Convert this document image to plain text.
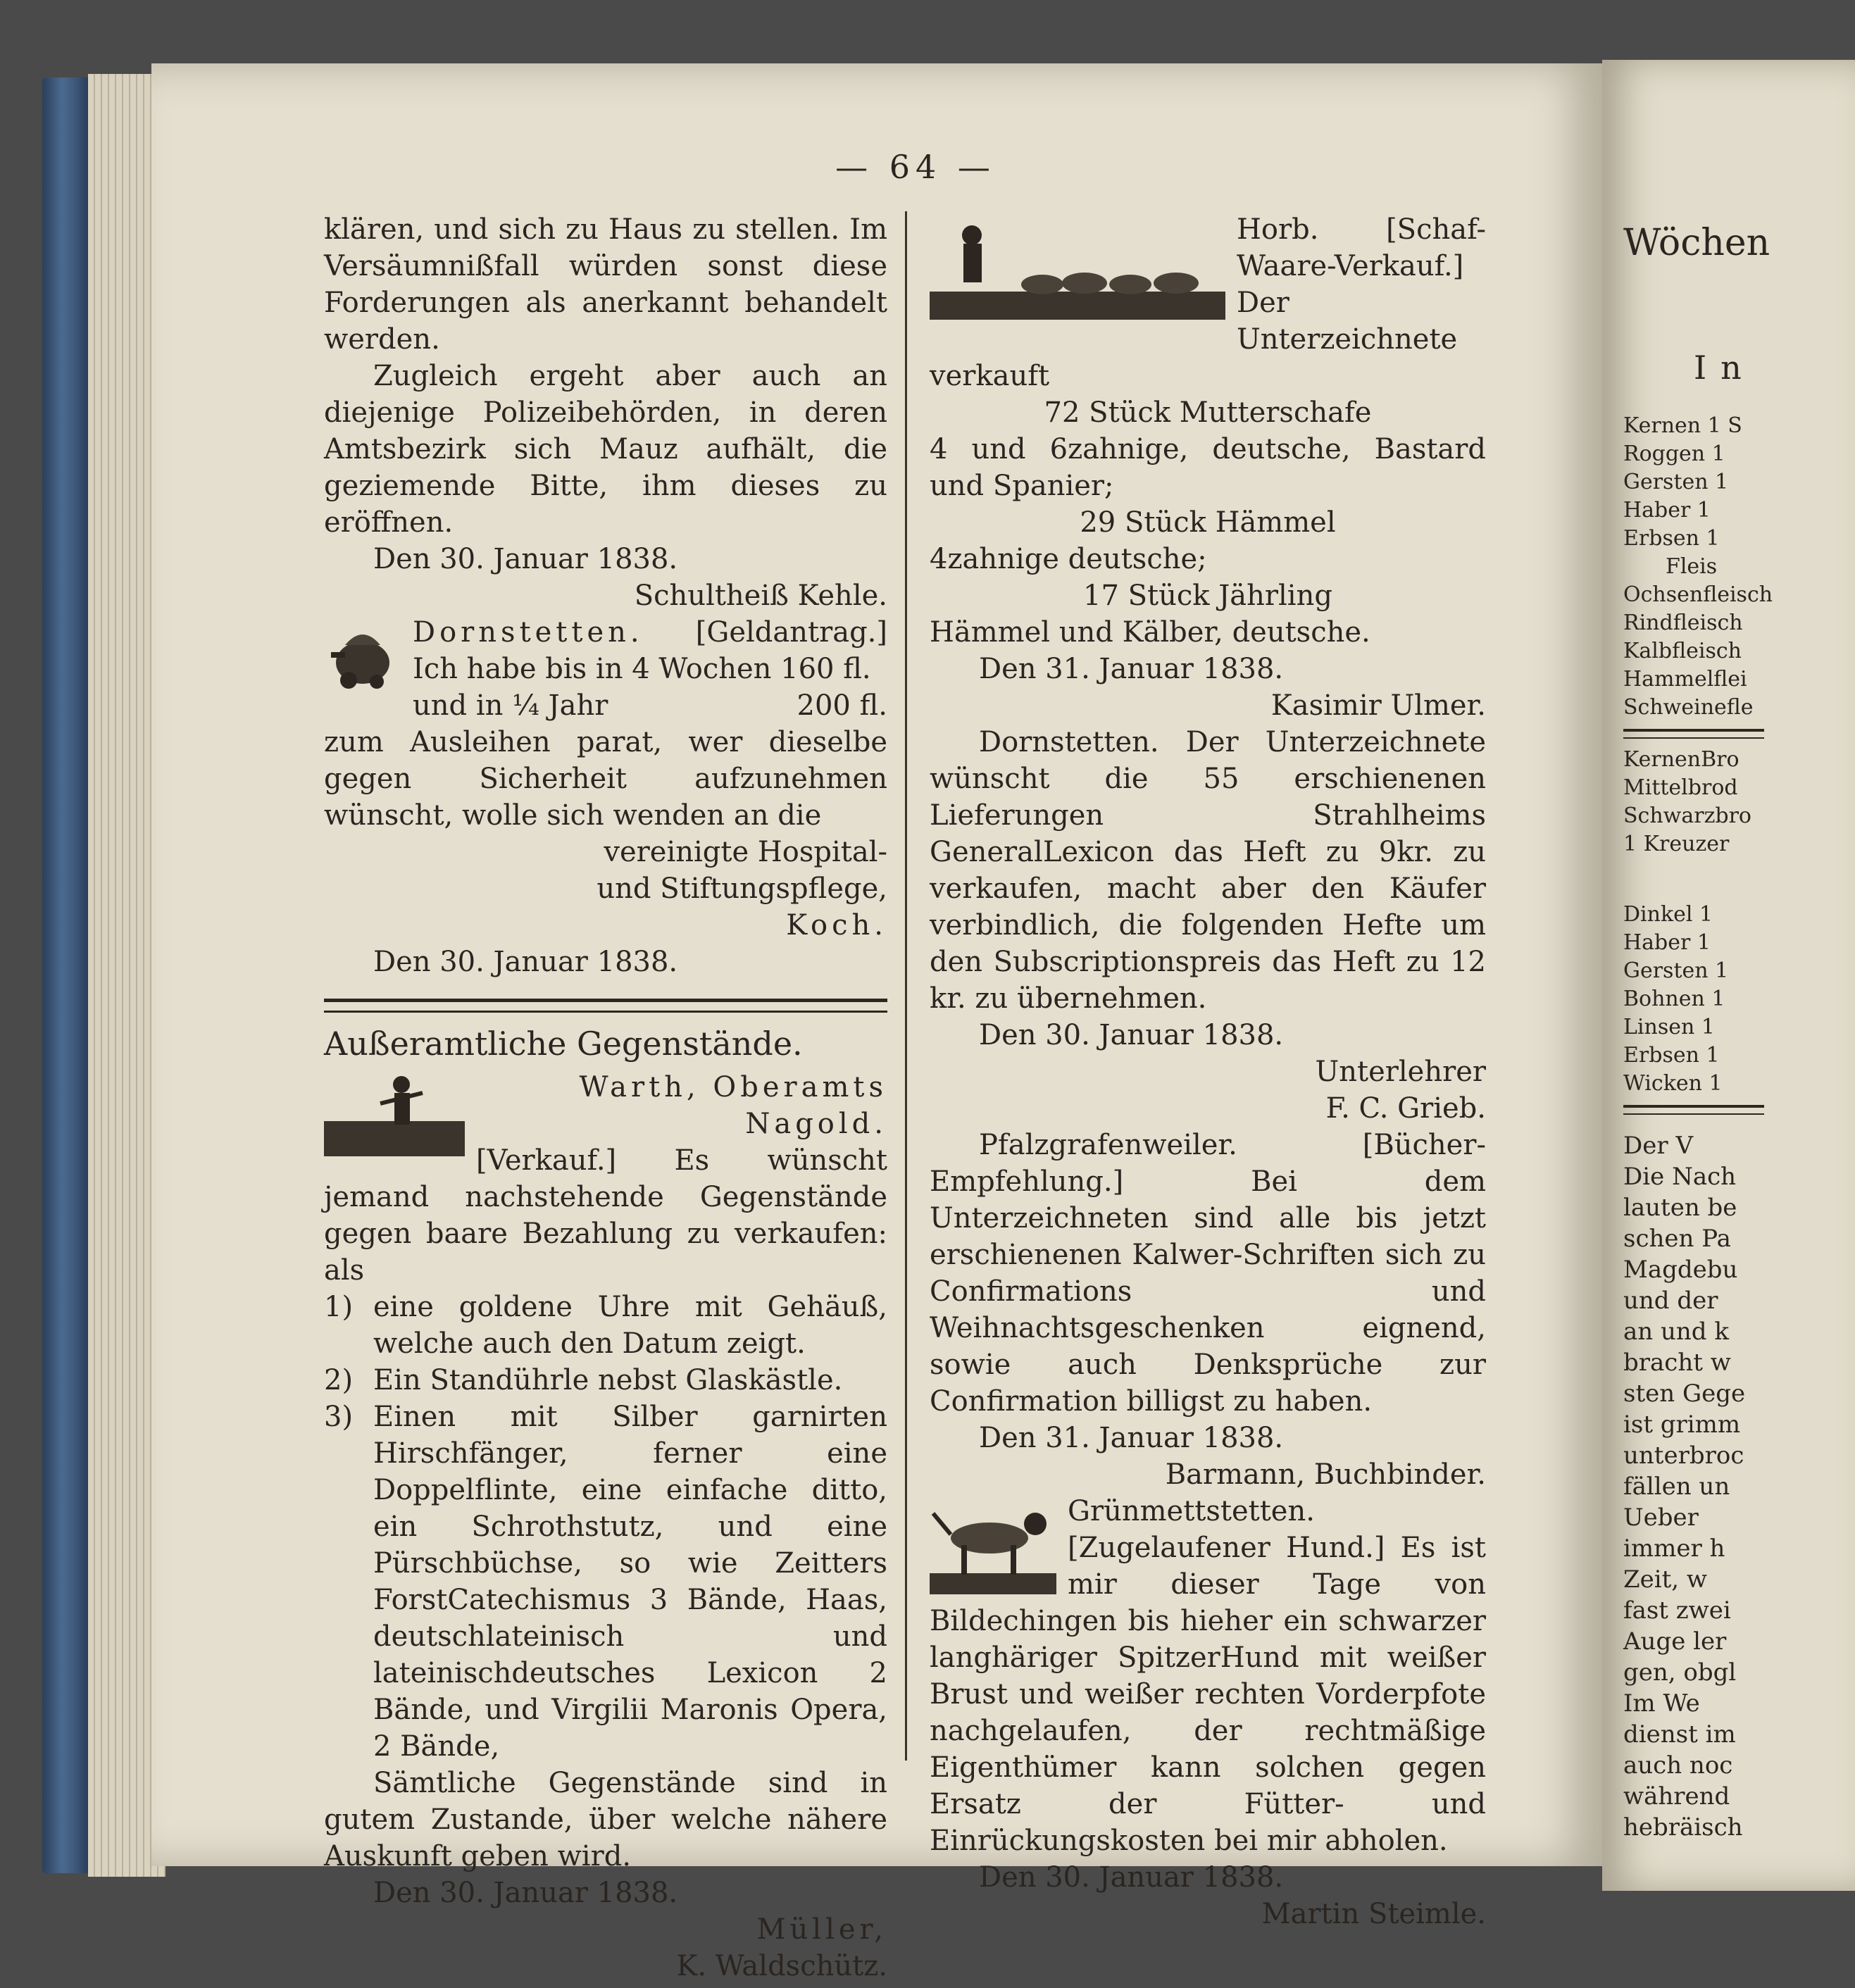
— 64 —

klären, und sich zu Haus zu stellen. Im Versäumnißfall würden sonst diese Forderungen als anerkannt behandelt werden.

Zugleich ergeht aber auch an diejenige Polizeibehörden, in deren Amtsbezirk sich Mauz aufhält, die geziemende Bitte, ihm dieses zu eröffnen.

Den 30. Januar 1838.

Schultheiß Kehle.

Dornstetten. [Geldantrag.]

Ich habe bis in 4 Wochen 160 fl.

und in ¼ Jahr	200 fl.

zum Ausleihen parat, wer dieselbe gegen Sicherheit aufzunehmen wünscht, wolle sich wenden an die

vereinigte Hospital-

und Stiftungspflege,

Koch.

Den 30. Januar 1838.

Außeramtliche Gegenstände.

Warth, Oberamts Nagold.

[Verkauf.] Es wünscht jemand nachstehende Gegenstände gegen baare Bezahlung zu verkaufen: als

1) eine goldene Uhre mit Gehäuß, welche auch den Datum zeigt.
2) Ein Standührle nebst Glaskästle.
3) Einen mit Silber garnirten Hirschfänger, ferner eine Doppelflinte, eine einfache ditto, ein Schrothstutz, und eine Pürschbüchse, so wie Zeitters ForstCatechismus 3 Bände, Haas, deutschlateinisch und lateinischdeutsches Lexicon 2 Bände, und Virgilii Maronis Opera, 2 Bände,

Sämtliche Gegenstände sind in gutem Zustande, über welche nähere Auskunft geben wird.

Den 30. Januar 1838.

Müller,

K. Waldschütz.

Horb. [Schaf-Waare-Verkauf.] Der Unterzeichnete verkauft

72 Stück Mutterschafe

4 und 6zahnige, deutsche, Bastard und Spanier;

29 Stück Hämmel

4zahnige deutsche;

17 Stück Jährling

Hämmel und Kälber, deutsche.

Den 31. Januar 1838.

Kasimir Ulmer.

Dornstetten. Der Unterzeichnete wünscht die 55 erschienenen Lieferungen Strahlheims GeneralLexicon das Heft zu 9kr. zu verkaufen, macht aber den Käufer verbindlich, die folgenden Hefte um den Subscriptionspreis das Heft zu 12 kr. zu übernehmen.

Den 30. Januar 1838.

Unterlehrer

F. C. Grieb.

Pfalzgrafenweiler. [Bücher-Empfehlung.] Bei dem Unterzeichneten sind alle bis jetzt erschienenen Kalwer-Schriften sich zu Confirmations und Weihnachtsgeschenken eignend, sowie auch Denksprüche zur Confirmation billigst zu haben.

Den 31. Januar 1838.

Barmann, Buchbinder.

Grünmettstetten. [Zugelaufener Hund.] Es ist mir dieser Tage von Bildechingen bis hieher ein schwarzer langhäriger SpitzerHund mit weißer Brust und weißer rechten Vorderpfote nachgelaufen, der rechtmäßige Eigenthümer kann solchen gegen Ersatz der Fütter- und Einrückungskosten bei mir abholen.

Den 30. Januar 1838.

Martin Steimle.

Wöchen
In
Kernen 1 S
Roggen 1
Gersten 1
Haber 1
Erbsen 1
Fleis
Ochsenfleisch
Rindfleisch
Kalbfleisch
Hammelflei
Schweinefle
KernenBro
Mittelbrod
Schwarzbro
1 Kreuzer
Dinkel 1
Haber 1
Gersten 1
Bohnen 1
Linsen 1
Erbsen 1
Wicken 1
Der V
Die Nach
lauten be
schen Pa
Magdebu
und der
an und k
bracht w
sten Gege
ist grimm
unterbroc
fällen un
Ueber
immer h
Zeit, w
fast zwei
Auge ler
gen, obgl
Im We
dienst im
auch noc
während
hebräisch
